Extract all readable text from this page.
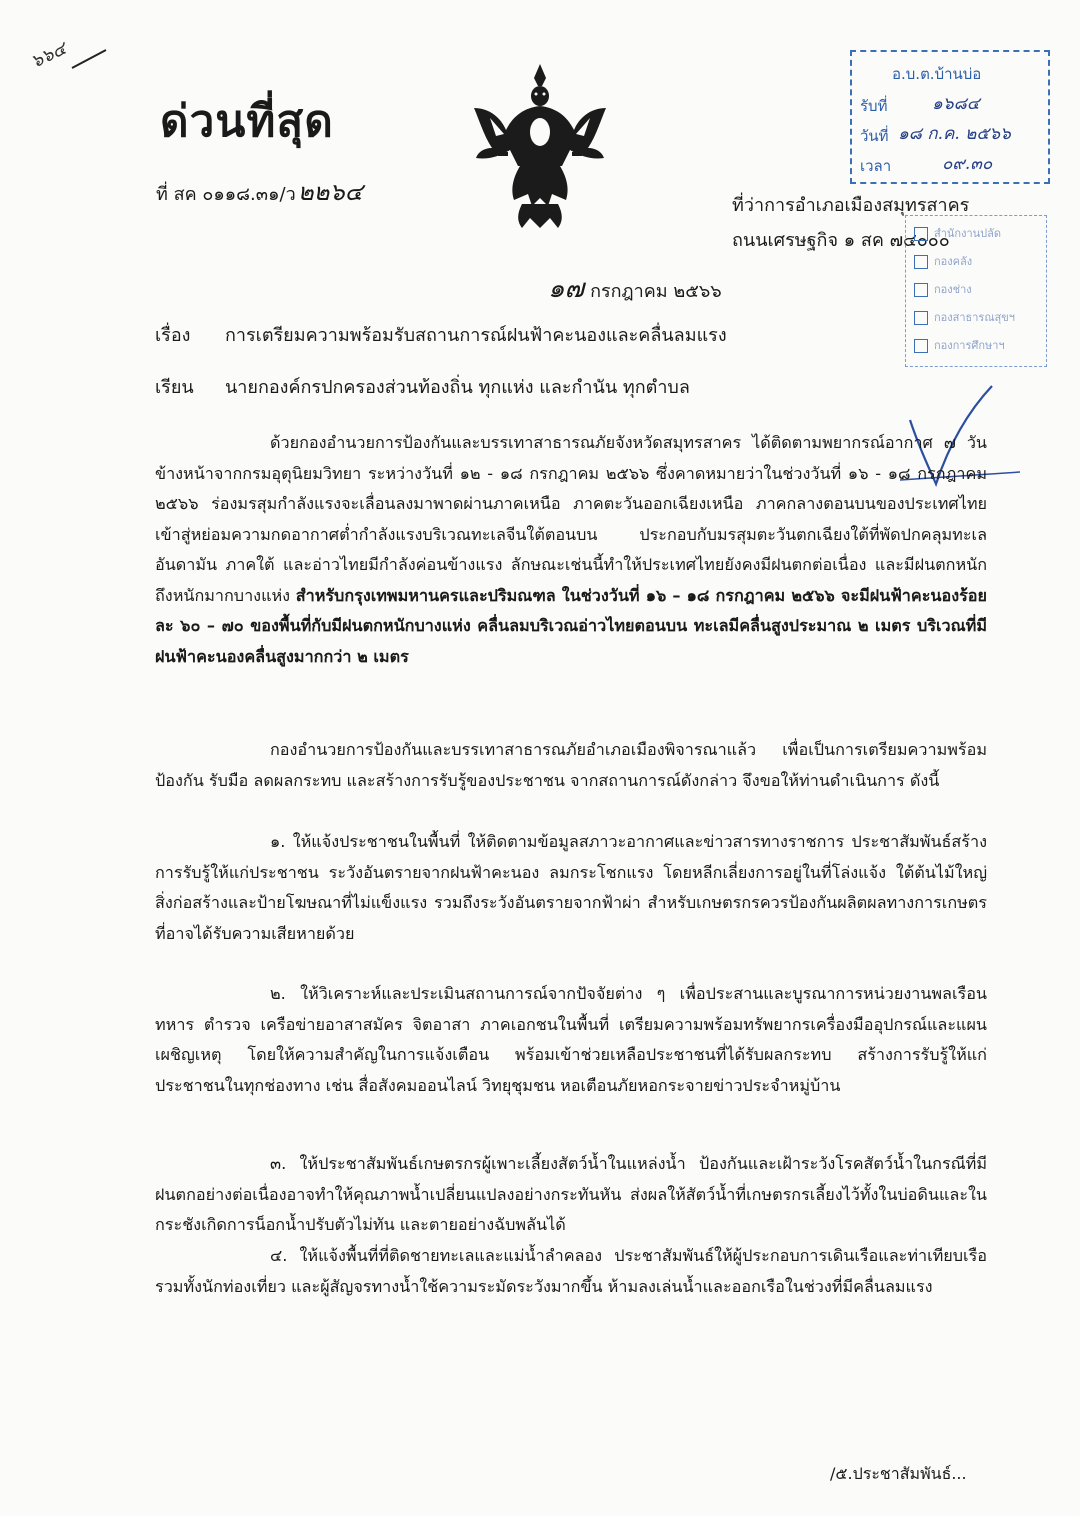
๖๖๔
ด่วนที่สุด
ที่ สค ๐๑๑๘.๓๑/ว๒๒๖๔	ที่ว่าการอำเภอเมืองสมุทรสาคร
ถนนเศรษฐกิจ ๑ สค ๗๔๐๐๐
๑๗ กรกฎาคม ๒๕๖๖
อ.บ.ต.บ้านบ่อ
รับที่	๑๖๘๔
วันที่ ๑๘ ก.ค. ๒๕๖๖
เวลา	๐๙.๓๐
สำนักงานปลัด
กองคลัง
กองช่าง
กองสาธารณสุขฯ
กองการศึกษาฯ
เรื่อง การเตรียมความพร้อมรับสถานการณ์ฝนฟ้าคะนองและคลื่นลมแรง
เรียน นายกองค์กรปกครองส่วนท้องถิ่น ทุกแห่ง และกำนัน ทุกตำบล
ด้วยกองอำนวยการป้องกันและบรรเทาสาธารณภัยจังหวัดสมุทรสาคร ได้ติดตามพยากรณ์อากาศ ๗ วันข้างหน้าจากกรมอุตุนิยมวิทยา ระหว่างวันที่ ๑๒ - ๑๘ กรกฎาคม ๒๕๖๖ ซึ่งคาดหมายว่าในช่วงวันที่ ๑๖ - ๑๘ กรกฎาคม ๒๕๖๖ ร่องมรสุมกำลังแรงจะเลื่อนลงมาพาดผ่านภาคเหนือ ภาคตะวันออกเฉียงเหนือ ภาคกลางตอนบนของประเทศไทย เข้าสู่หย่อมความกดอากาศต่ำกำลังแรงบริเวณทะเลจีนใต้ตอนบน ประกอบกับมรสุมตะวันตกเฉียงใต้ที่พัดปกคลุมทะเลอันดามัน ภาคใต้ และอ่าวไทยมีกำลังค่อนข้างแรง ลักษณะเช่นนี้ทำให้ประเทศไทยยังคงมีฝนตกต่อเนื่อง และมีฝนตกหนักถึงหนักมากบางแห่ง สำหรับกรุงเทพมหานครและปริมณฑล ในช่วงวันที่ ๑๖ – ๑๘ กรกฎาคม ๒๕๖๖ จะมีฝนฟ้าคะนองร้อยละ ๖๐ – ๗๐ ของพื้นที่กับมีฝนตกหนักบางแห่ง คลื่นลมบริเวณอ่าวไทยตอนบน ทะเลมีคลื่นสูงประมาณ ๒ เมตร บริเวณที่มีฝนฟ้าคะนองคลื่นสูงมากกว่า ๒ เมตร
กองอำนวยการป้องกันและบรรเทาสาธารณภัยอำเภอเมืองพิจารณาแล้ว เพื่อเป็นการเตรียมความพร้อม ป้องกัน รับมือ ลดผลกระทบ และสร้างการรับรู้ของประชาชน จากสถานการณ์ดังกล่าว จึงขอให้ท่านดำเนินการ ดังนี้
๑. ให้แจ้งประชาชนในพื้นที่ ให้ติดตามข้อมูลสภาวะอากาศและข่าวสารทางราชการ ประชาสัมพันธ์สร้างการรับรู้ให้แก่ประชาชน ระวังอันตรายจากฝนฟ้าคะนอง ลมกระโชกแรง โดยหลีกเลี่ยงการอยู่ในที่โล่งแจ้ง ใต้ต้นไม้ใหญ่ สิ่งก่อสร้างและป้ายโฆษณาที่ไม่แข็งแรง รวมถึงระวังอันตรายจากฟ้าผ่า สำหรับเกษตรกรควรป้องกันผลิตผลทางการเกษตรที่อาจได้รับความเสียหายด้วย
๒. ให้วิเคราะห์และประเมินสถานการณ์จากปัจจัยต่าง ๆ เพื่อประสานและบูรณาการหน่วยงานพลเรือน ทหาร ตำรวจ เครือข่ายอาสาสมัคร จิตอาสา ภาคเอกชนในพื้นที่ เตรียมความพร้อมทรัพยากรเครื่องมืออุปกรณ์และแผนเผชิญเหตุ โดยให้ความสำคัญในการแจ้งเตือน พร้อมเข้าช่วยเหลือประชาชนที่ได้รับผลกระทบ สร้างการรับรู้ให้แก่ประชาชนในทุกช่องทาง เช่น สื่อสังคมออนไลน์ วิทยุชุมชน หอเตือนภัยหอกระจายข่าวประจำหมู่บ้าน
๓. ให้ประชาสัมพันธ์เกษตรกรผู้เพาะเลี้ยงสัตว์น้ำในแหล่งน้ำ ป้องกันและเฝ้าระวังโรคสัตว์น้ำในกรณีที่มีฝนตกอย่างต่อเนื่องอาจทำให้คุณภาพน้ำเปลี่ยนแปลงอย่างกระทันหัน ส่งผลให้สัตว์น้ำที่เกษตรกรเลี้ยงไว้ทั้งในบ่อดินและในกระชังเกิดการน็อกน้ำปรับตัวไม่ทัน และตายอย่างฉับพลันได้
๔. ให้แจ้งพื้นที่ที่ติดชายทะเลและแม่น้ำลำคลอง ประชาสัมพันธ์ให้ผู้ประกอบการเดินเรือและท่าเทียบเรือ รวมทั้งนักท่องเที่ยว และผู้สัญจรทางน้ำใช้ความระมัดระวังมากขึ้น ห้ามลงเล่นน้ำและออกเรือในช่วงที่มีคลื่นลมแรง
/๕.ประชาสัมพันธ์...
